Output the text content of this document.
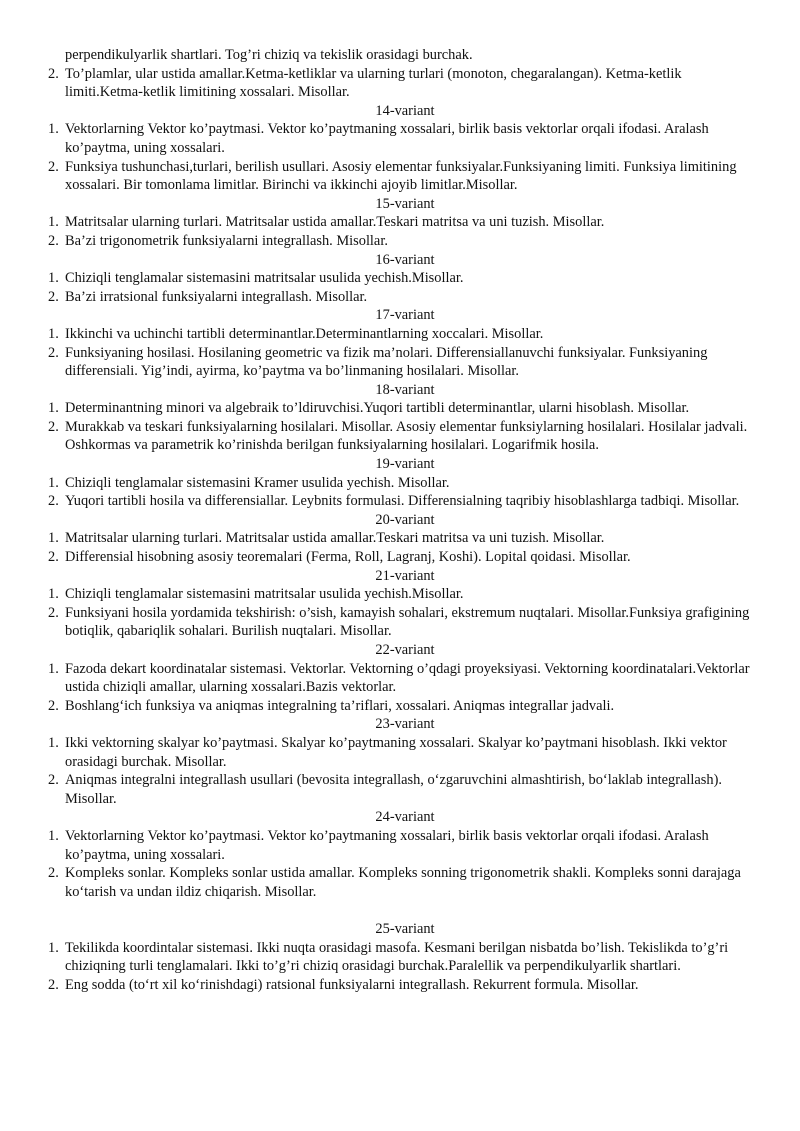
perpendikulyarlik shartlari. Tog’ri chiziq va tekislik orasidagi burchak.

2. To’plamlar, ular ustida amallar.Ketma-ketliklar va ularning turlari (monoton, chegaralangan). Ketma-ketlik limiti.Ketma-ketlik limitining xossalari. Misollar.

14-variant

1. Vektorlarning Vektor ko’paytmasi. Vektor ko’paytmaning xossalari, birlik basis vektorlar orqali ifodasi. Aralash ko’paytma, uning xossalari.
2. Funksiya tushunchasi,turlari, berilish usullari. Asosiy elementar funksiyalar.Funksiyaning limiti. Funksiya limitining xossalari. Bir tomonlama limitlar. Birinchi va ikkinchi ajoyib limitlar.Misollar.

15-variant

1. Matritsalar ularning turlari. Matritsalar ustida amallar.Teskari matritsa va uni tuzish. Misollar.
2. Ba’zi trigonometrik funksiyalarni integrallash. Misollar.

16-variant

1. Chiziqli tenglamalar sistemasini matritsalar usulida yechish.Misollar.
2. Ba’zi irratsional funksiyalarni integrallash. Misollar.

17-variant

1. Ikkinchi va uchinchi tartibli determinantlar.Determinantlarning xoccalari. Misollar.
2. Funksiyaning hosilasi. Hosilaning geometric va fizik ma’nolari. Differensiallanuvchi funksiyalar. Funksiyaning differensiali. Yig’indi, ayirma, ko’paytma va bo’linmaning hosilalari. Misollar.

18-variant

1. Determinantning minori va algebraik to’ldiruvchisi.Yuqori tartibli determinantlar, ularni hisoblash. Misollar.
2. Murakkab va teskari funksiyalarning hosilalari. Misollar. Asosiy elementar funksiylarning hosilalari. Hosilalar jadvali. Oshkormas va parametrik ko’rinishda berilgan funksiyalarning hosilalari. Logarifmik hosila.

19-variant

1. Chiziqli tenglamalar sistemasini Kramer usulida yechish. Misollar.
2. Yuqori tartibli hosila va differensiallar. Leybnits formulasi. Differensialning taqribiy hisoblashlarga tadbiqi. Misollar.

20-variant

1. Matritsalar ularning turlari. Matritsalar ustida amallar.Teskari matritsa va uni tuzish. Misollar.
2. Differensial hisobning asosiy teoremalari (Ferma, Roll, Lagranj, Koshi). Lopital qoidasi. Misollar.

21-variant

1. Chiziqli tenglamalar sistemasini matritsalar usulida yechish.Misollar.
2. Funksiyani hosila yordamida tekshirish: o’sish, kamayish sohalari, ekstremum nuqtalari. Misollar.Funksiya grafigining botiqlik, qabariqlik sohalari. Burilish nuqtalari. Misollar.

22-variant

1. Fazoda dekart koordinatalar sistemasi. Vektorlar. Vektorning o’qdagi proyeksiyasi. Vektorning koordinatalari.Vektorlar ustida chiziqli amallar, ularning xossalari.Bazis vektorlar.
2. Boshlang‘ich funksiya va aniqmas integralning ta’riflari, xossalari. Aniqmas integrallar jadvali.

23-variant

1. Ikki vektorning skalyar ko’paytmasi. Skalyar ko’paytmaning xossalari. Skalyar ko’paytmani hisoblash. Ikki vektor orasidagi burchak. Misollar.
2. Aniqmas integralni integrallash usullari (bevosita integrallash, o‘zgaruvchini almashtirish, bo‘laklab integrallash). Misollar.

24-variant

1. Vektorlarning Vektor ko’paytmasi. Vektor ko’paytmaning xossalari, birlik basis vektorlar orqali ifodasi. Aralash ko’paytma, uning xossalari.
2. Kompleks sonlar. Kompleks sonlar ustida amallar. Kompleks sonning trigonometrik shakli. Kompleks sonni darajaga ko‘tarish va undan ildiz chiqarish. Misollar.

25-variant

1. Tekilikda koordintalar sistemasi. Ikki nuqta orasidagi masofa. Kesmani berilgan nisbatda bo’lish. Tekislikda to’g’ri chiziqning turli tenglamalari. Ikki to’g’ri chiziq orasidagi burchak.Paralellik va perpendikulyarlik shartlari.
2. Eng sodda (to‘rt xil ko‘rinishdagi) ratsional funksiyalarni integrallash. Rekurrent formula. Misollar.
